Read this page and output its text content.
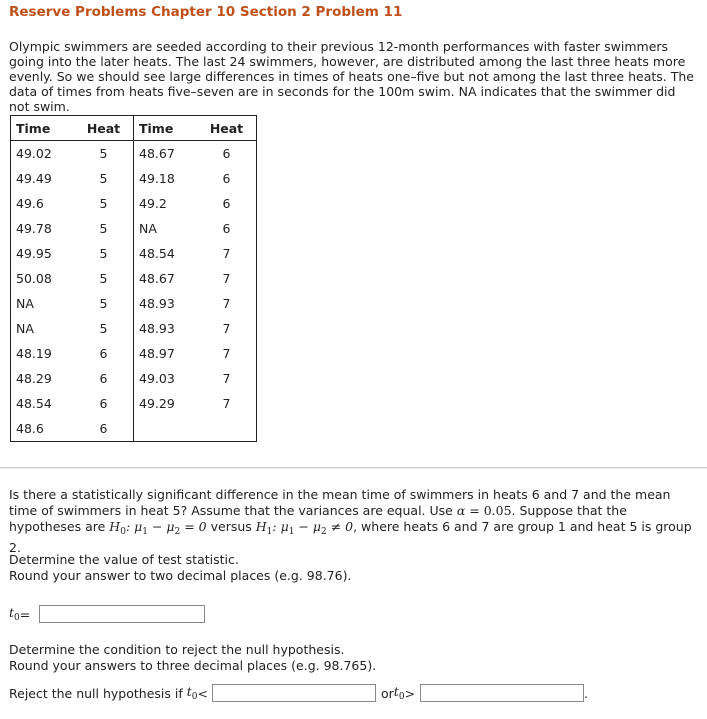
Reserve Problems Chapter 10 Section 2 Problem 11
Olympic swimmers are seeded according to their previous 12-month performances with faster swimmers going into the later heats. The last 24 swimmers, however, are distributed among the last three heats more evenly. So we should see large differences in times of heats one–five but not among the last three heats. The data of times from heats five–seven are in seconds for the 100m swim. NA indicates that the swimmer did not swim.
Time	Heat	Time	Heat
49.02	5	48.67	6
49.49	5	49.18	6
49.6	5	49.2	6
49.78	5	NA	6
49.95	5	48.54	7
50.08	5	48.67	7
NA	5	48.93	7
NA	5	48.93	7
48.19	6	48.97	7
48.29	6	49.03	7
48.54	6	49.29	7
48.6	6		
Is there a statistically significant difference in the mean time of swimmers in heats 6 and 7 and the mean time of swimmers in heat 5? Assume that the variances are equal. Use α = 0.05. Suppose that the hypotheses are $H_0$: $\mu_1 - \mu_2 = 0$ versus $H_1$: $\mu_1 - \mu_2 \ne 0$, where heats 6 and 7 are group 1 and heat 5 is group 2.
Determine the value of test statistic.
Round your answer to two decimal places (e.g. 98.76).
$t_0$ =
Determine the condition to reject the null hypothesis.
Round your answers to three decimal places (e.g. 98.765).
Reject the null hypothesis if $t_0$ <	or $t_0$ >	.
